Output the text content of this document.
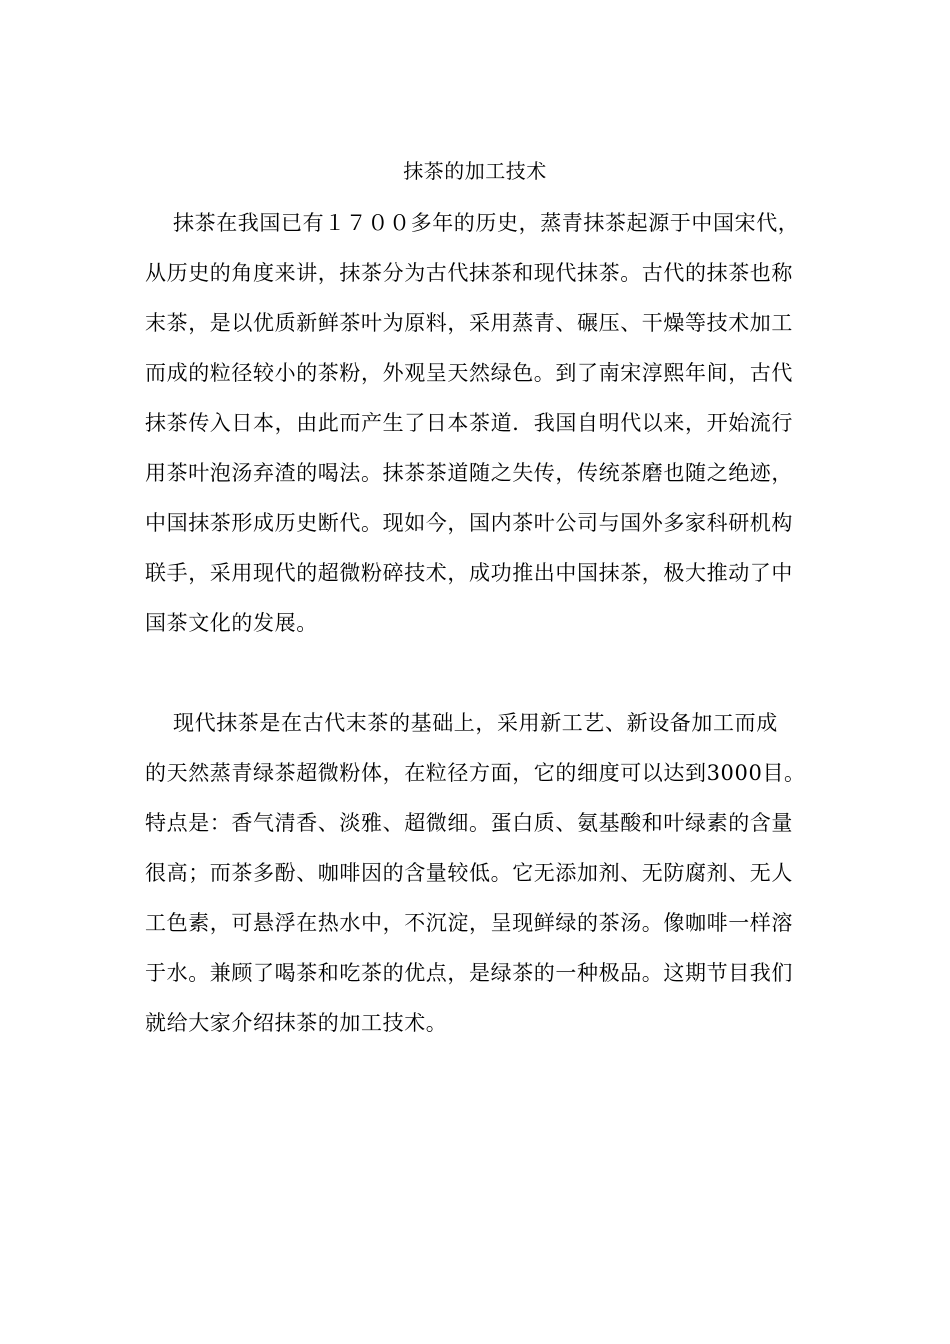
抹茶的加工技术
抹茶在我国已有１７００多年的历史，蒸青抹茶起源于中国宋代，
从历史的角度来讲，抹茶分为古代抹茶和现代抹茶。古代的抹茶也称
末茶，是以优质新鲜茶叶为原料，采用蒸青、碾压、干燥等技术加工
而成的粒径较小的茶粉，外观呈天然绿色。到了南宋淳熙年间，古代
抹茶传入日本，由此而产生了日本茶道．我国自明代以来，开始流行
用茶叶泡汤弃渣的喝法。抹茶茶道随之失传，传统茶磨也随之绝迹，
中国抹茶形成历史断代。现如今，国内茶叶公司与国外多家科研机构
联手，采用现代的超微粉碎技术，成功推出中国抹茶，极大推动了中
国茶文化的发展。
现代抹茶是在古代末茶的基础上，采用新工艺、新设备加工而成
的天然蒸青绿茶超微粉体，在粒径方面，它的细度可以达到3000目。
特点是：香气清香、淡雅、超微细。蛋白质、氨基酸和叶绿素的含量
很高；而茶多酚、咖啡因的含量较低。它无添加剂、无防腐剂、无人
工色素，可悬浮在热水中，不沉淀，呈现鲜绿的茶汤。像咖啡一样溶
于水。兼顾了喝茶和吃茶的优点，是绿茶的一种极品。这期节目我们
就给大家介绍抹茶的加工技术。
